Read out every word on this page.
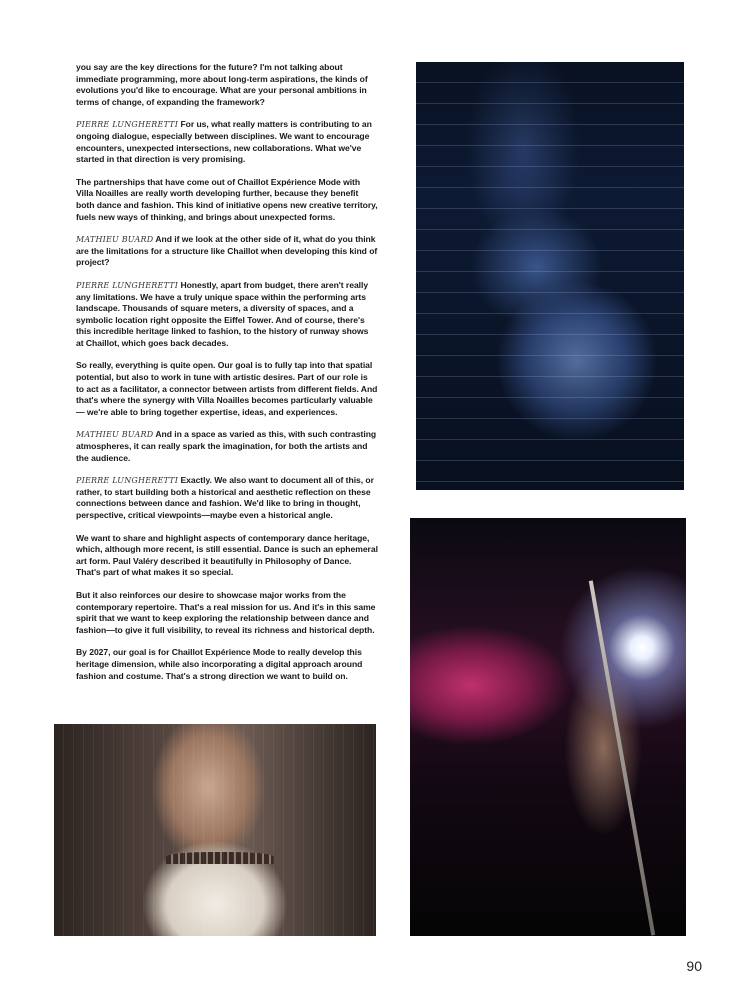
you say are the key directions for the future? I'm not talking about immediate programming, more about long-term aspirations, the kinds of evolutions you'd like to encourage. What are your personal ambitions in terms of change, of expanding the framework?

PIERRE LUNGHERETTI For us, what really matters is contributing to an ongoing dialogue, especially between disciplines. We want to encourage encounters, unexpected intersections, new collaborations. What we've started in that direction is very promising.

The partnerships that have come out of Chaillot Expérience Mode with Villa Noailles are really worth developing further, because they benefit both dance and fashion. This kind of initiative opens new creative territory, fuels new ways of thinking, and brings about unexpected forms.

MATHIEU BUARD And if we look at the other side of it, what do you think are the limitations for a structure like Chaillot when developing this kind of project?

PIERRE LUNGHERETTI Honestly, apart from budget, there aren't really any limitations. We have a truly unique space within the performing arts landscape. Thousands of square meters, a diversity of spaces, and a symbolic location right opposite the Eiffel Tower. And of course, there's this incredible heritage linked to fashion, to the history of runway shows at Chaillot, which goes back decades.

So really, everything is quite open. Our goal is to fully tap into that spatial potential, but also to work in tune with artistic desires. Part of our role is to act as a facilitator, a connector between artists from different fields. And that's where the synergy with Villa Noailles becomes particularly valuable — we're able to bring together expertise, ideas, and experiences.

MATHIEU BUARD And in a space as varied as this, with such contrasting atmospheres, it can really spark the imagination, for both the artists and the audience.

PIERRE LUNGHERETTI Exactly. We also want to document all of this, or rather, to start building both a historical and aesthetic reflection on these connections between dance and fashion. We'd like to bring in thought, perspective, critical viewpoints—maybe even a historical angle.

We want to share and highlight aspects of contemporary dance heritage, which, although more recent, is still essential. Dance is such an ephemeral art form. Paul Valéry described it beautifully in Philosophy of Dance. That's part of what makes it so special.

But it also reinforces our desire to showcase major works from the contemporary repertoire. That's a real mission for us. And it's in this same spirit that we want to keep exploring the relationship between dance and fashion—to give it full visibility, to reveal its richness and historical depth.

By 2027, our goal is for Chaillot Expérience Mode to really develop this heritage dimension, while also incorporating a digital approach around fashion and costume. That's a strong direction we want to build on.

90
